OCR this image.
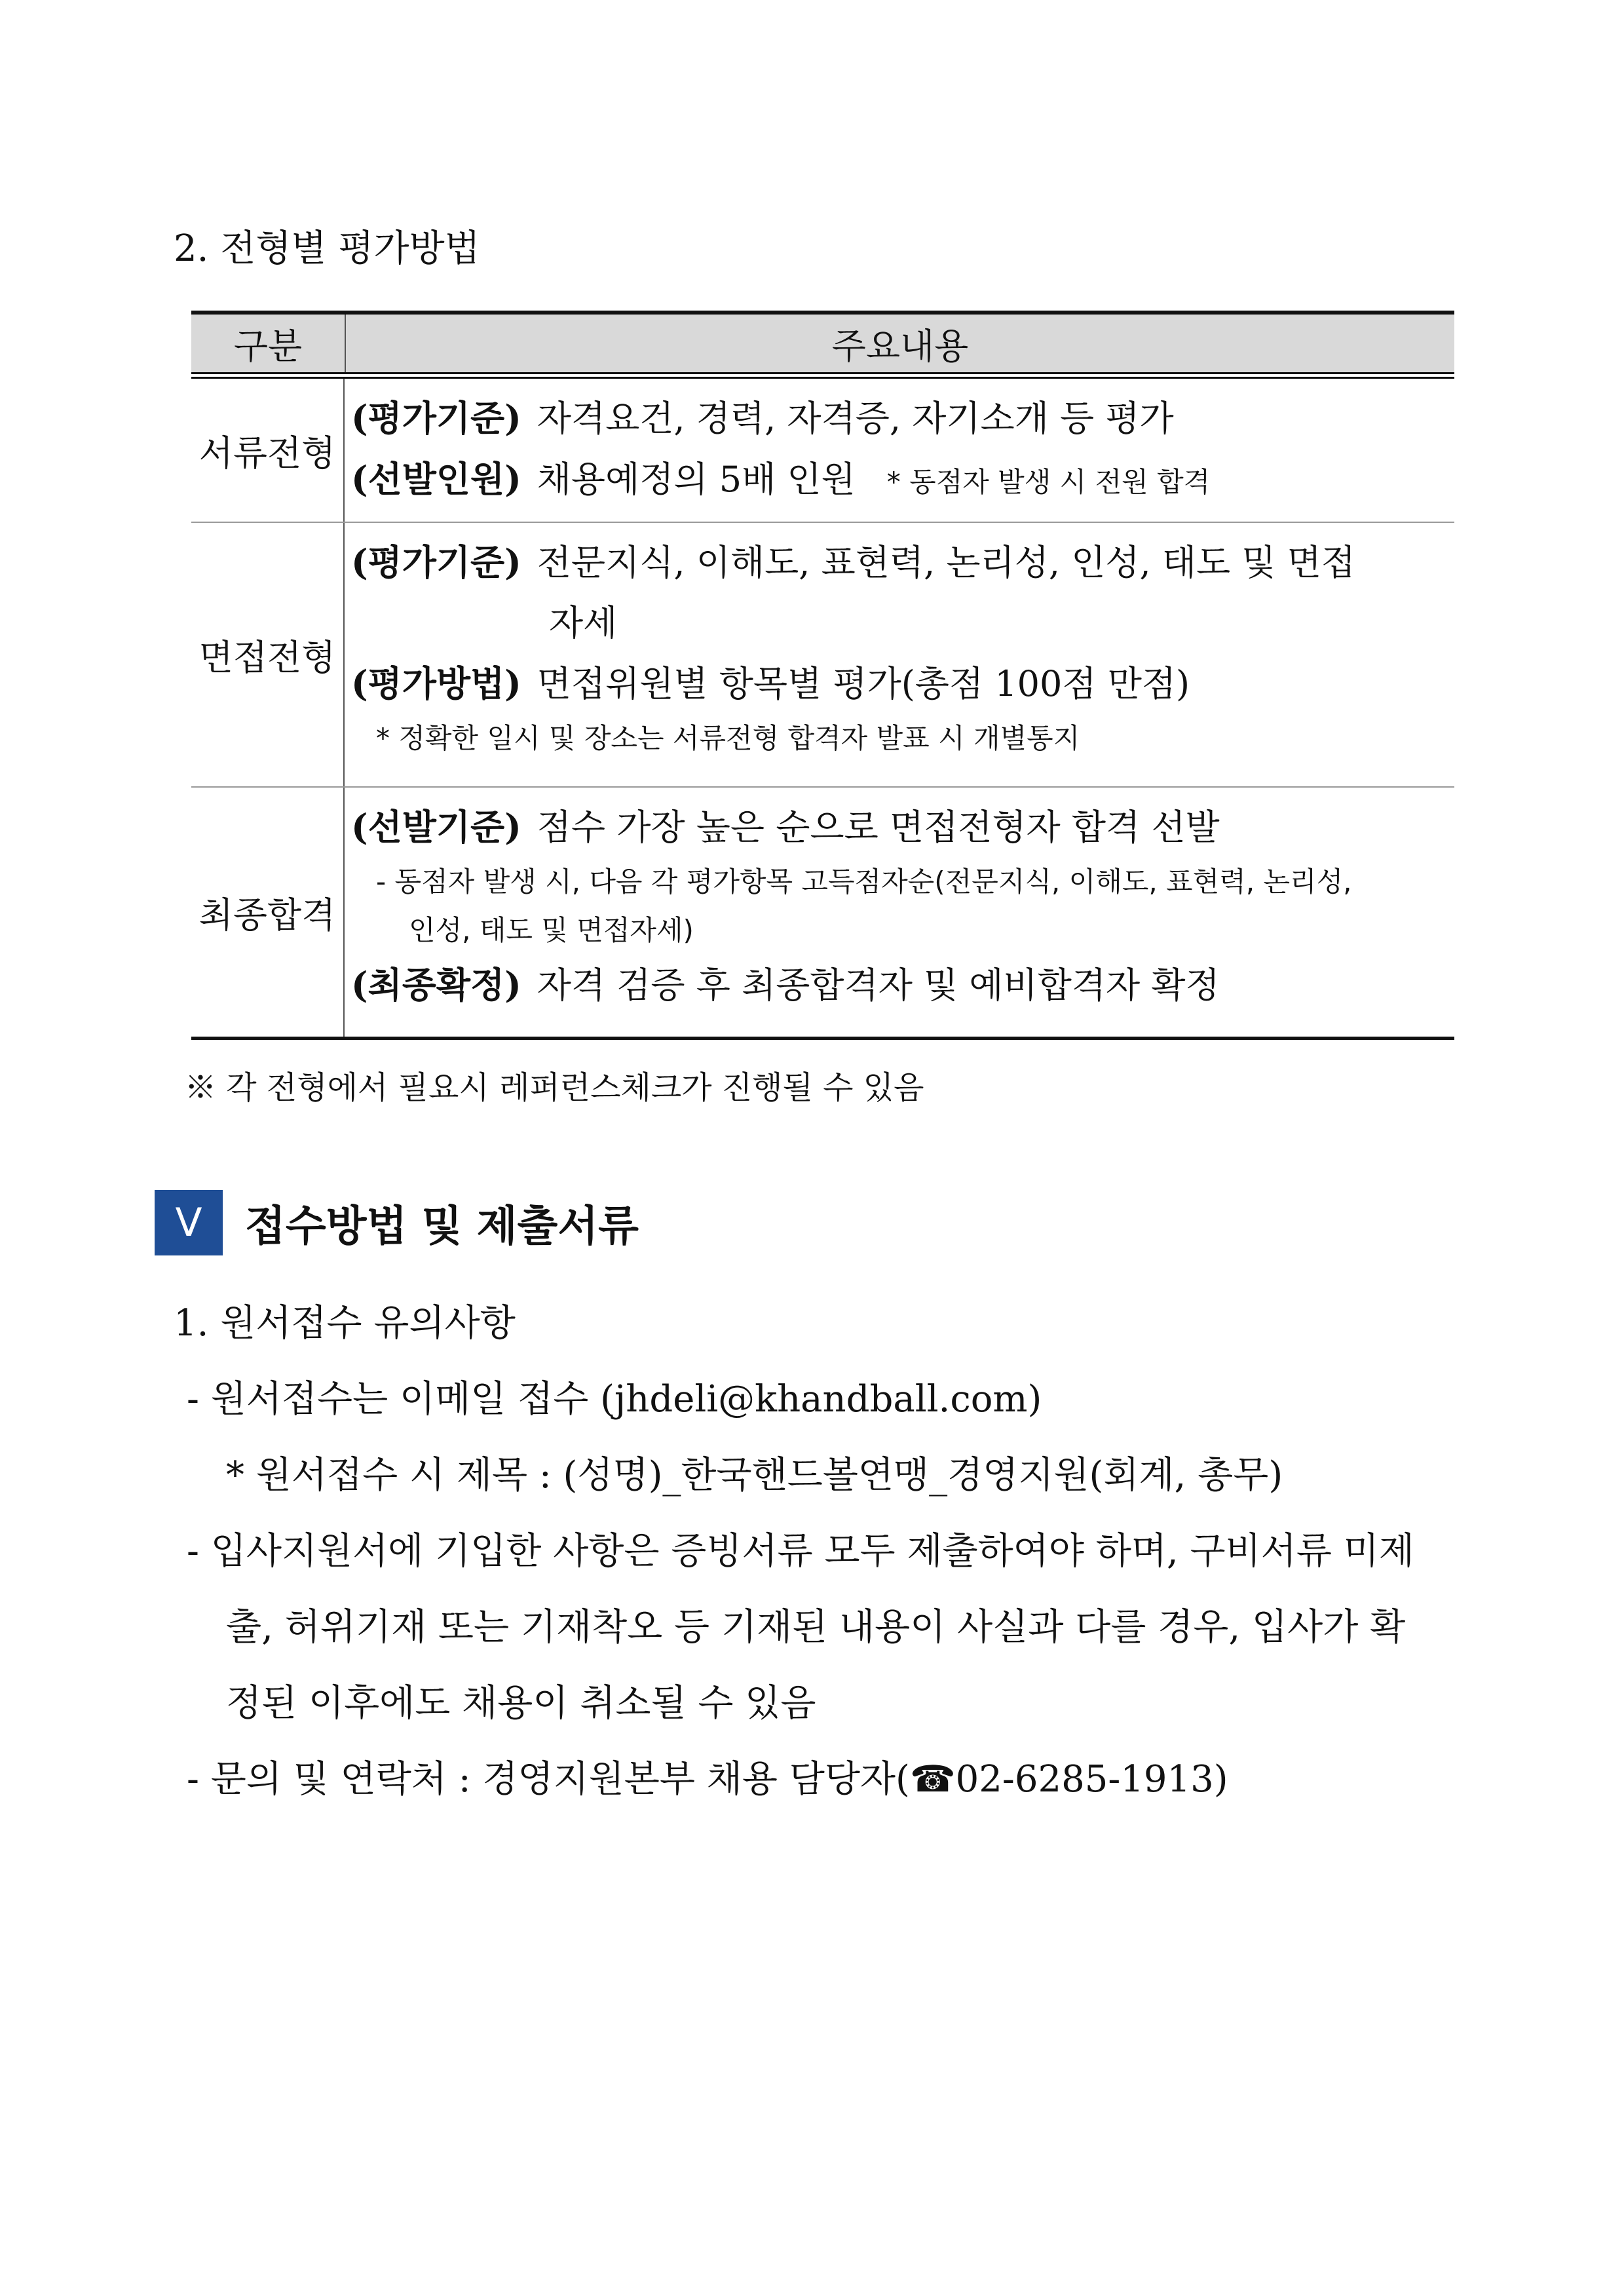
2. 전형별 평가방법
구분	주요내용
서류전형
(평가기준) 자격요건, 경력, 자격증, 자기소개 등 평가
(선발인원) 채용예정의 5배 인원 * 동점자 발생 시 전원 합격
면접전형
(평가기준) 전문지식, 이해도, 표현력, 논리성, 인성, 태도 및 면접
자세
(평가방법) 면접위원별 항목별 평가(총점 100점 만점)
* 정확한 일시 및 장소는 서류전형 합격자 발표 시 개별통지
최종합격
(선발기준) 점수 가장 높은 순으로 면접전형자 합격 선발
- 동점자 발생 시, 다음 각 평가항목 고득점자순(전문지식, 이해도, 표현력, 논리성,
인성, 태도 및 면접자세)
(최종확정) 자격 검증 후 최종합격자 및 예비합격자 확정
※ 각 전형에서 필요시 레퍼런스체크가 진행될 수 있음
Ⅴ	접수방법 및 제출서류
1. 원서접수 유의사항
- 원서접수는 이메일 접수 (jhdeli@khandball.com)
* 원서접수 시 제목 : (성명)_한국핸드볼연맹_경영지원(회계, 총무)
- 입사지원서에 기입한 사항은 증빙서류 모두 제출하여야 하며, 구비서류 미제
출, 허위기재 또는 기재착오 등 기재된 내용이 사실과 다를 경우, 입사가 확
정된 이후에도 채용이 취소될 수 있음
- 문의 및 연락처 : 경영지원본부 채용 담당자(☎02-6285-1913)
